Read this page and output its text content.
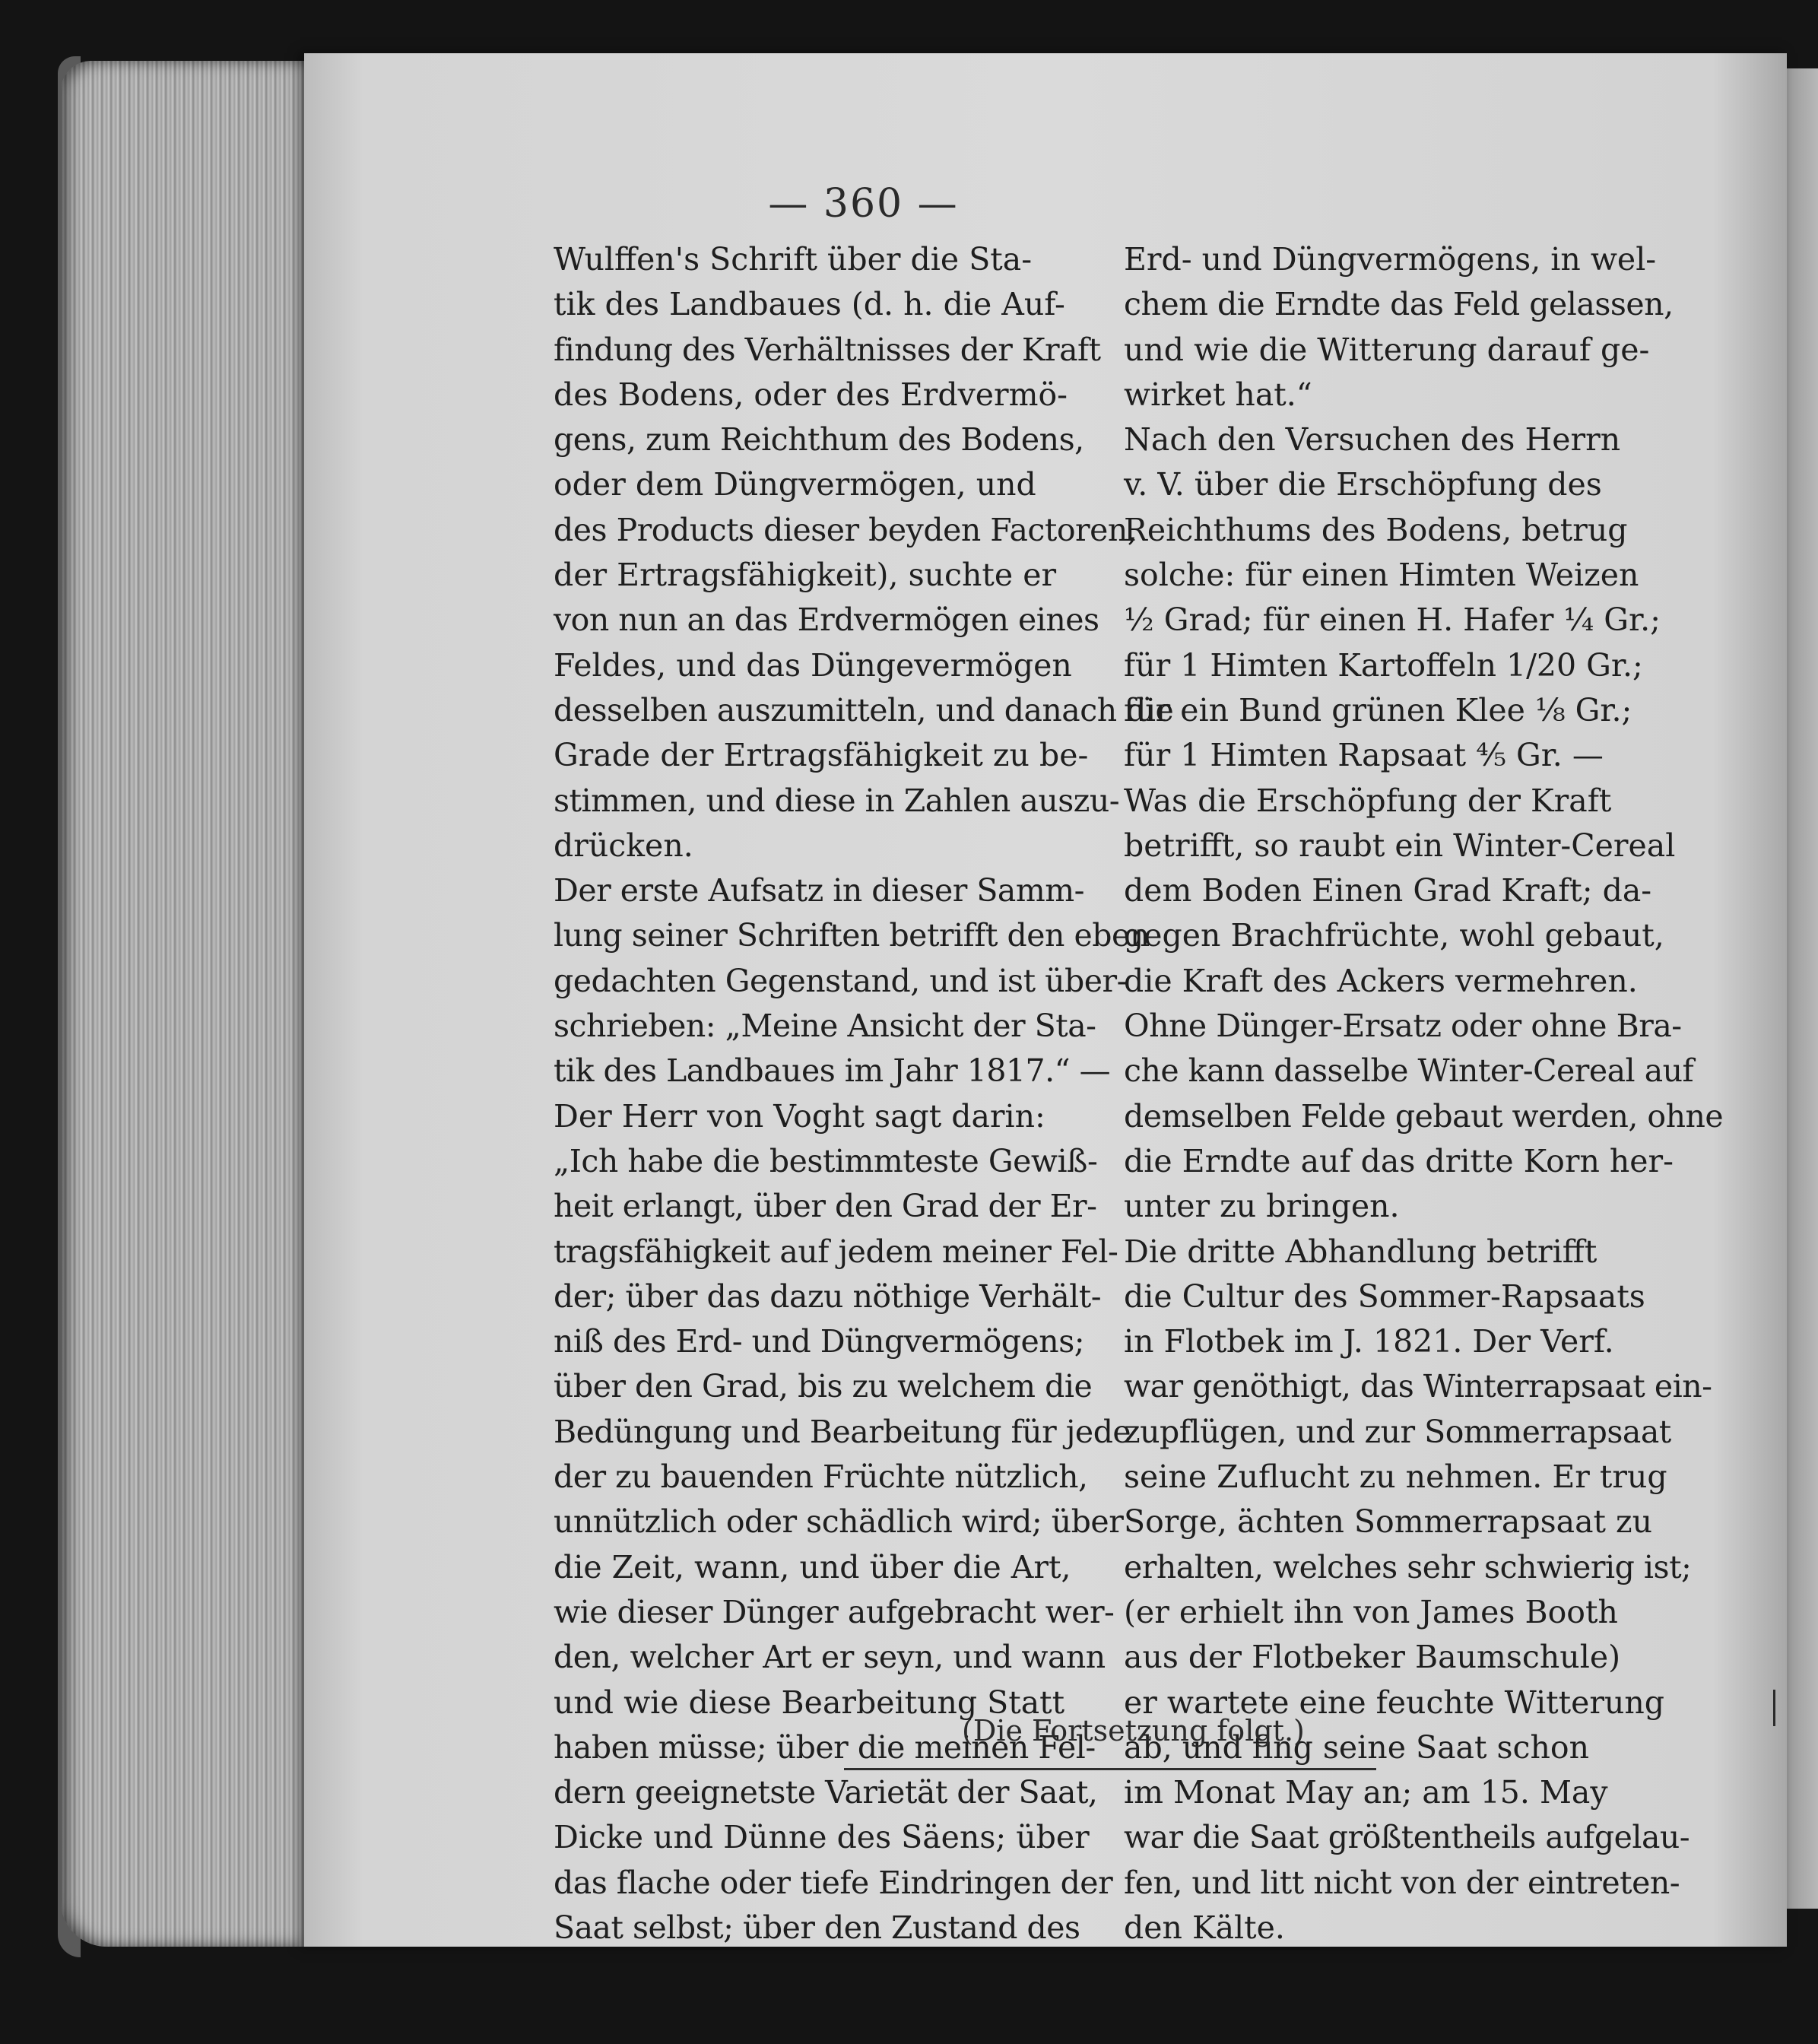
— 360 —
Wulffen's Schrift über die Sta-
tik des Landbaues (d. h. die Auf-
findung des Verhältnisses der Kraft
des Bodens, oder des Erdvermö-
gens, zum Reichthum des Bodens,
oder dem Düngvermögen, und
des Products dieser beyden Factoren,
der Ertragsfähigkeit), suchte er
von nun an das Erdvermögen eines
Feldes, und das Düngevermögen
desselben auszumitteln, und danach die
Grade der Ertragsfähigkeit zu be-
stimmen, und diese in Zahlen auszu-
drücken.
Der erste Aufsatz in dieser Samm-
lung seiner Schriften betrifft den eben
gedachten Gegenstand, und ist über-
schrieben: „Meine Ansicht der Sta-
tik des Landbaues im Jahr 1817.“ —
Der Herr von Voght sagt darin:
„Ich habe die bestimmteste Gewiß-
heit erlangt, über den Grad der Er-
tragsfähigkeit auf jedem meiner Fel-
der; über das dazu nöthige Verhält-
niß des Erd- und Düngvermögens;
über den Grad, bis zu welchem die
Bedüngung und Bearbeitung für jede
der zu bauenden Früchte nützlich,
unnützlich oder schädlich wird; über
die Zeit, wann, und über die Art,
wie dieser Dünger aufgebracht wer-
den, welcher Art er seyn, und wann
und wie diese Bearbeitung Statt
haben müsse; über die meinen Fel-
dern geeignetste Varietät der Saat,
Dicke und Dünne des Säens; über
das flache oder tiefe Eindringen der
Saat selbst; über den Zustand des
Erd- und Düngvermögens, in wel-
chem die Erndte das Feld gelassen,
und wie die Witterung darauf ge-
wirket hat.“
Nach den Versuchen des Herrn
v. V. über die Erschöpfung des
Reichthums des Bodens, betrug
solche: für einen Himten Weizen
½ Grad; für einen H. Hafer ¼ Gr.;
für 1 Himten Kartoffeln 1/20 Gr.;
für ein Bund grünen Klee ⅛ Gr.;
für 1 Himten Rapsaat ⅘ Gr. —
Was die Erschöpfung der Kraft
betrifft, so raubt ein Winter-Cereal
dem Boden Einen Grad Kraft; da-
gegen Brachfrüchte, wohl gebaut,
die Kraft des Ackers vermehren.
Ohne Dünger-Ersatz oder ohne Bra-
che kann dasselbe Winter-Cereal auf
demselben Felde gebaut werden, ohne
die Erndte auf das dritte Korn her-
unter zu bringen.
Die dritte Abhandlung betrifft
die Cultur des Sommer-Rapsaats
in Flotbek im J. 1821. Der Verf.
war genöthigt, das Winterrapsaat ein-
zupflügen, und zur Sommerrapsaat
seine Zuflucht zu nehmen. Er trug
Sorge, ächten Sommerrapsaat zu
erhalten, welches sehr schwierig ist;
(er erhielt ihn von James Booth
aus der Flotbeker Baumschule)
er wartete eine feuchte Witterung
ab, und fing seine Saat schon
im Monat May an; am 15. May
war die Saat größtentheils aufgelau-
fen, und litt nicht von der eintreten-
den Kälte.
(Die Fortsetzung folgt.)
